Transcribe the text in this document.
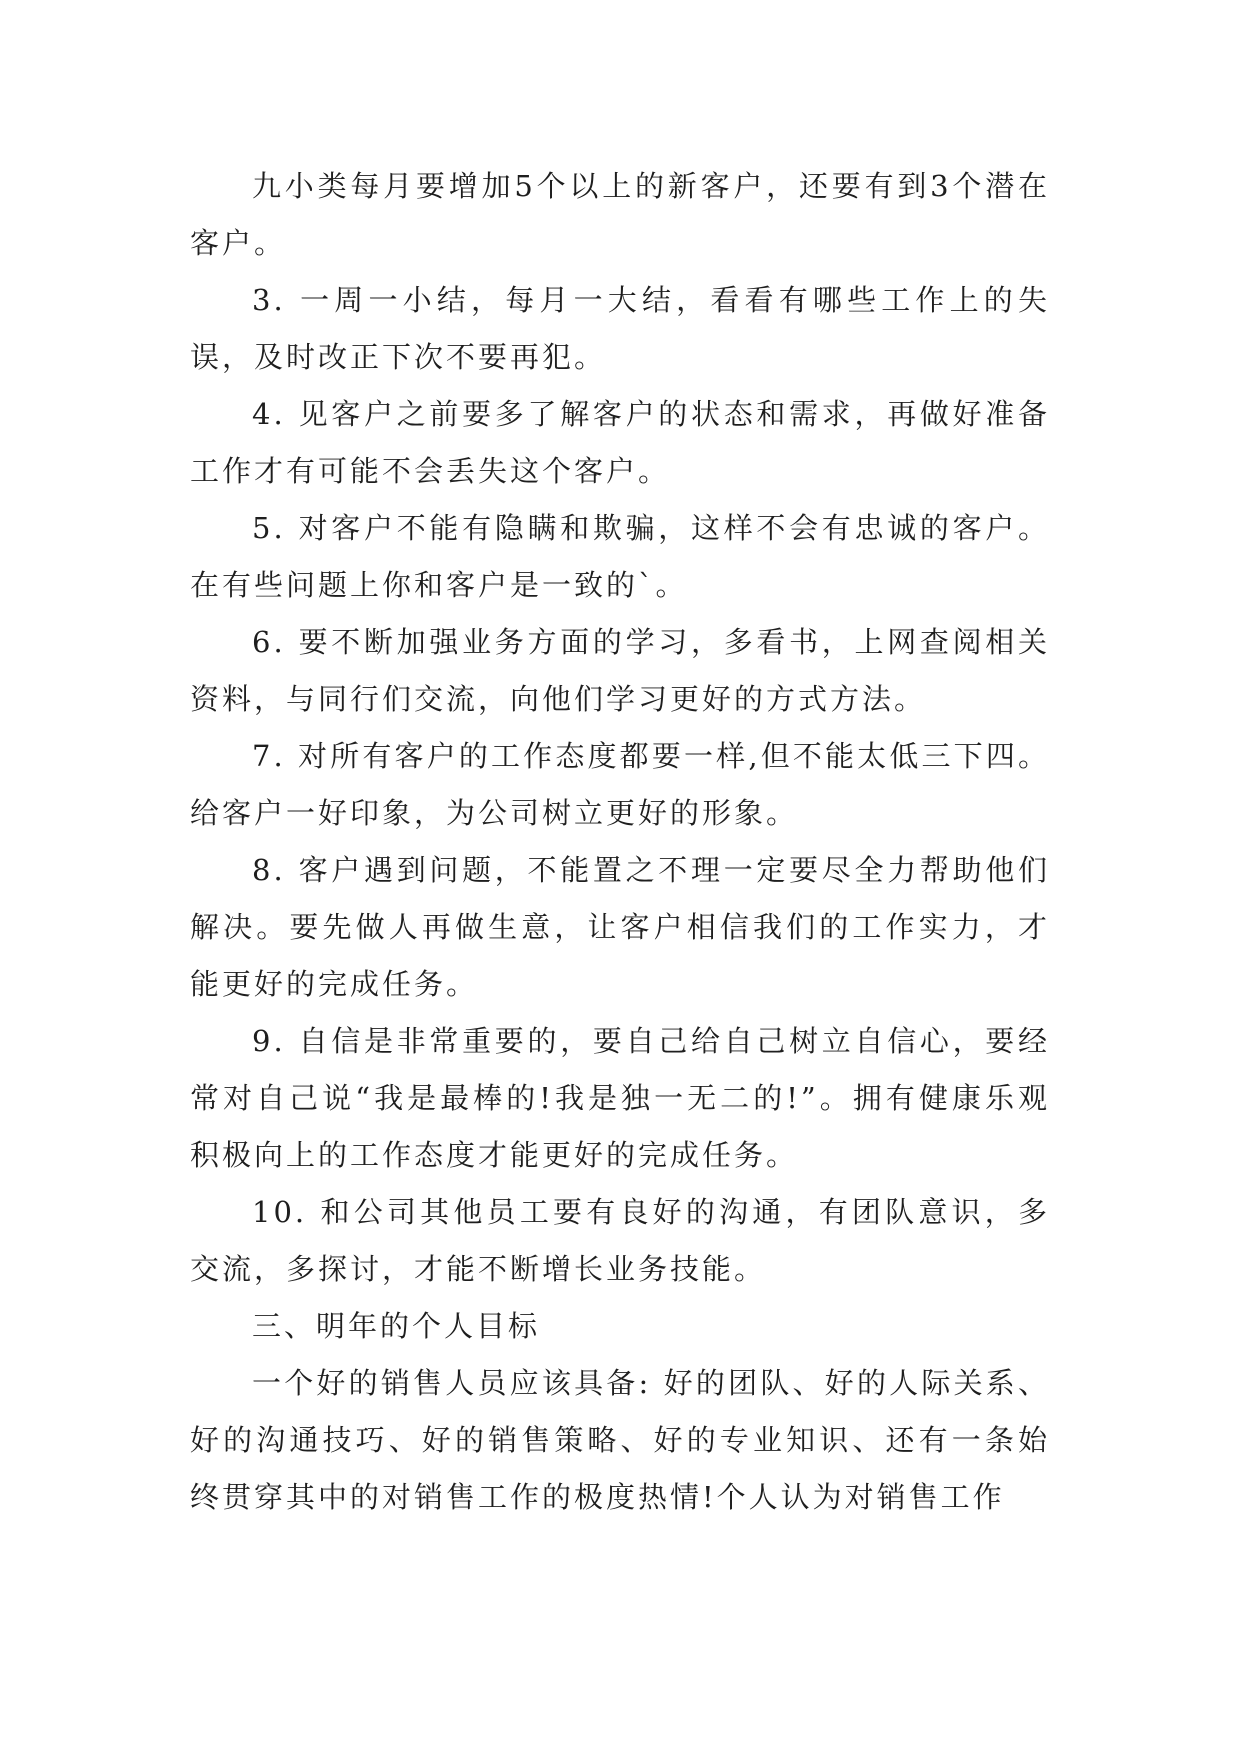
九小类每月要增加5个以上的新客户，还要有到3个潜在客户。

3. 一周一小结，每月一大结，看看有哪些工作上的失误，及时改正下次不要再犯。

4. 见客户之前要多了解客户的状态和需求，再做好准备工作才有可能不会丢失这个客户。

5. 对客户不能有隐瞒和欺骗，这样不会有忠诚的客户。在有些问题上你和客户是一致的`。

6. 要不断加强业务方面的学习，多看书，上网查阅相关资料，与同行们交流，向他们学习更好的方式方法。

7. 对所有客户的工作态度都要一样,但不能太低三下四。给客户一好印象，为公司树立更好的形象。

8. 客户遇到问题，不能置之不理一定要尽全力帮助他们解决。要先做人再做生意，让客户相信我们的工作实力，才能更好的完成任务。

9. 自信是非常重要的，要自己给自己树立自信心，要经常对自己说“我是最棒的!我是独一无二的!”。拥有健康乐观积极向上的工作态度才能更好的完成任务。

10. 和公司其他员工要有良好的沟通，有团队意识，多交流，多探讨，才能不断增长业务技能。

三、明年的个人目标

一个好的销售人员应该具备: 好的团队、好的人际关系、好的沟通技巧、好的销售策略、好的专业知识、还有一条始终贯穿其中的对销售工作的极度热情!个人认为对销售工作
